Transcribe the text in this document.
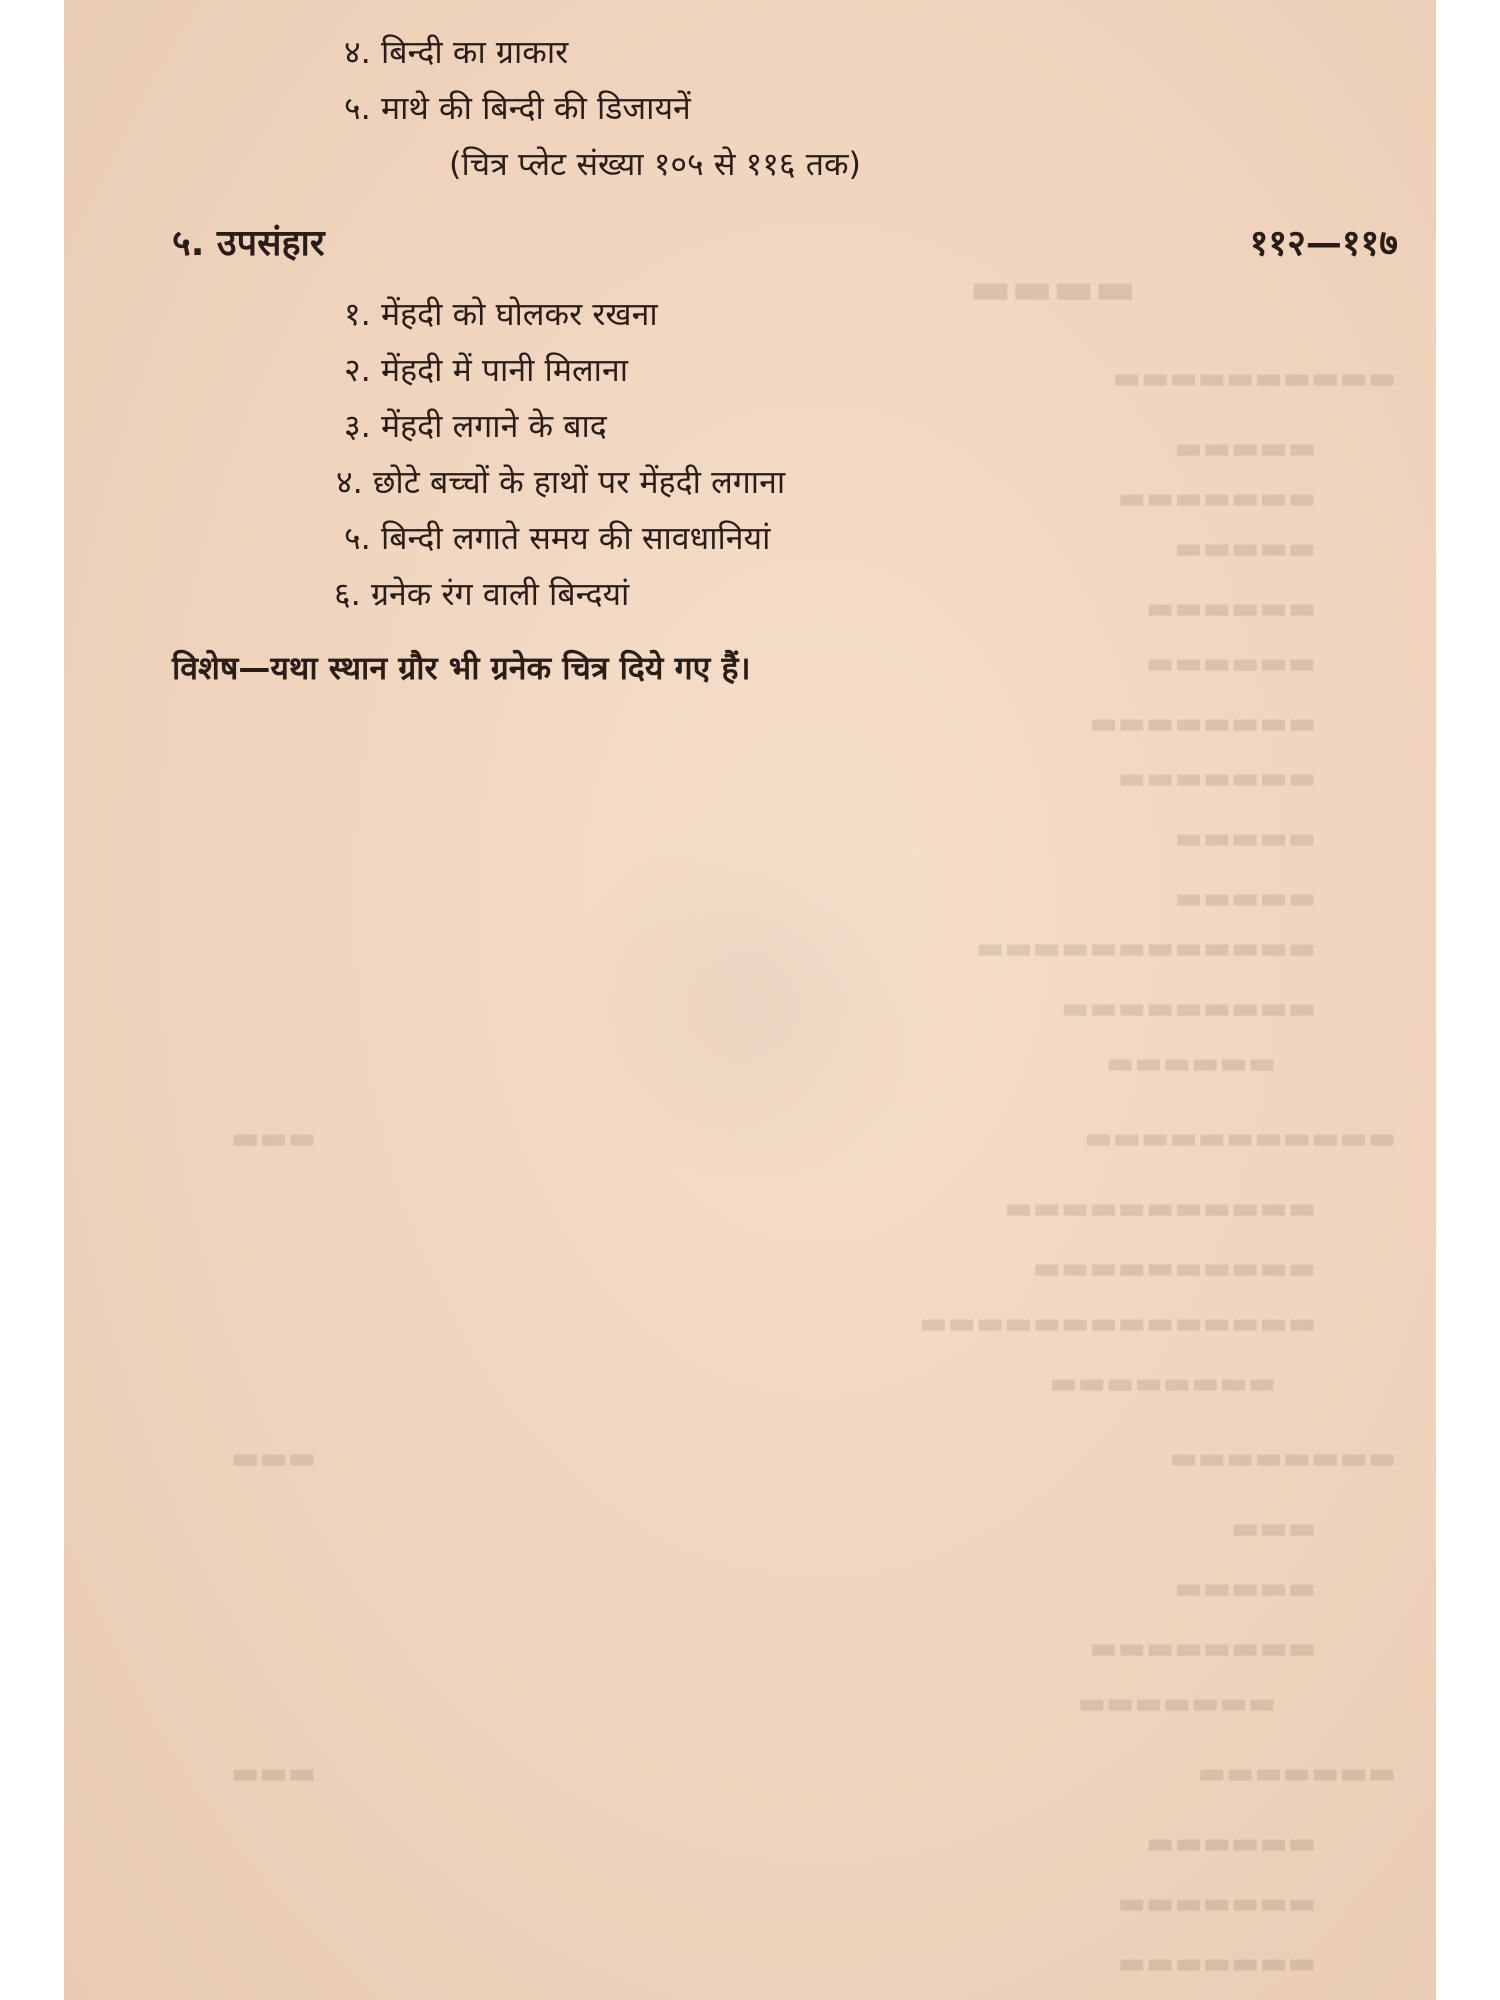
▬▬▬▬
▬▬▬▬▬▬▬▬▬▬
▬▬▬▬▬
▬▬▬▬▬▬▬
▬▬▬▬▬
▬▬▬▬▬▬
▬▬▬▬▬▬
▬▬▬▬▬▬▬▬
▬▬▬▬▬▬▬
▬▬▬▬▬
▬▬▬▬▬
▬▬▬▬▬▬▬▬▬▬▬▬
▬▬▬▬▬▬▬▬▬
▬▬▬▬▬▬
▬▬▬▬▬▬▬▬▬▬▬
▬▬▬
▬▬▬▬▬▬▬▬▬▬▬
▬▬▬▬▬▬▬▬▬▬
▬▬▬▬▬▬▬▬▬▬▬▬▬▬
▬▬▬▬▬▬▬▬
▬▬▬▬▬▬▬▬
▬▬▬
▬▬▬
▬▬▬▬▬
▬▬▬▬▬▬▬▬
▬▬▬▬▬▬▬
▬▬▬▬▬▬▬
▬▬▬
▬▬▬▬▬▬
▬▬▬▬▬▬▬
▬▬▬▬▬▬▬
४. बिन्दी का ग्राकार
५. माथे की बिन्दी की डिजायनें
(चित्र प्लेट संख्या १०५ से ११६ तक)
५. उपसंहार	११२—११७
१. मेंहदी को घोलकर रखना
२. मेंहदी में पानी मिलाना
३. मेंहदी लगाने के बाद
४. छोटे बच्चों के हाथों पर मेंहदी लगाना
५. बिन्दी लगाते समय की सावधानियां
६. ग्रनेक रंग वाली बिन्दयां
विशेष—यथा स्थान ग्रौर भी ग्रनेक चित्र दिये गए हैं।
